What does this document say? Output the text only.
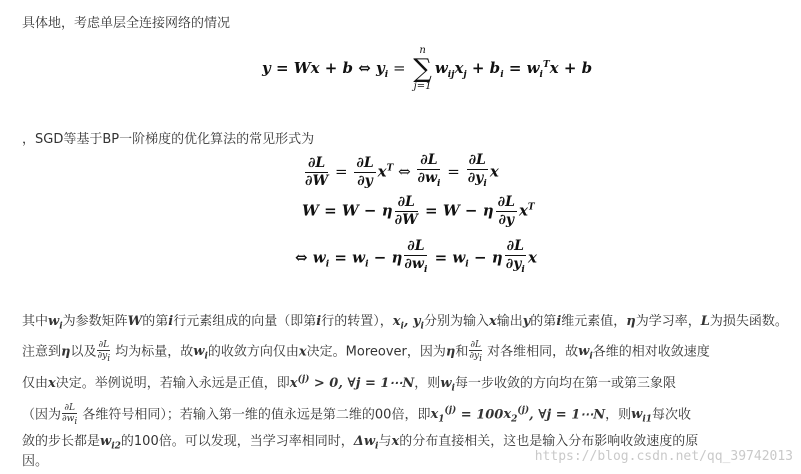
具体地，考虑单层全连接网络的情况
y = Wx + b ⇔ $y_i$ =
n
∑
j=1
$w_{ij}x_j + b_i = w_i^Tx + b$
，SGD等基于BP一阶梯度的优化算法的常见形式为
$\frac{\partial L}{\partial W} = \frac{\partial L}{\partial y} x^T$ ⇔ $\frac{\partial L}{\partial w_i} = \frac{\partial L}{\partial y_i}$ x
W = W − η $\frac{\partial L}{\partial W} = W - \eta \frac{\partial L}{\partial y} x^T$
⇔ $w_i = w_i - \eta \frac{\partial L}{\partial w_i} = w_i - \eta \frac{\partial L}{\partial y_i}$ x
其中$w_i$为参数矩阵W的第i行元素组成的向量（即第i行的转置），$x_i$, $y_i$分别为输入x输出y的第i维元素值，η为学习率，L为损失函数。
注意到η以及 $\frac{\partial L}{\partial y_i}$ 均为标量，故$w_i$的收敛方向仅由x决定。Moreover，因为η和 $\frac{\partial L}{\partial y_i}$ 对各维相同，故$w_i$各维的相对收敛速度
仅由x决定。举例说明，若输入永远是正值，即$x^{(j)} > 0$, ∀j = 1⋯N，则$w_i$每一步收敛的方向均在第一或第三象限
（因为 $\frac{\partial L}{\partial w_i}$ 各维符号相同）；若输入第一维的值永远是第二维的00倍，即$x_1^{(j)} = 100x_2^{(j)}$, ∀j = 1⋯N，则$w_{i1}$每次收
敛的步长都是$w_{i2}$的100倍。可以发现，当学习率相同时，$\Delta w_i$与x的分布直接相关，这也是输入分布影响收敛速度的原
因。	https://blog.csdn.net/qq_39742013
